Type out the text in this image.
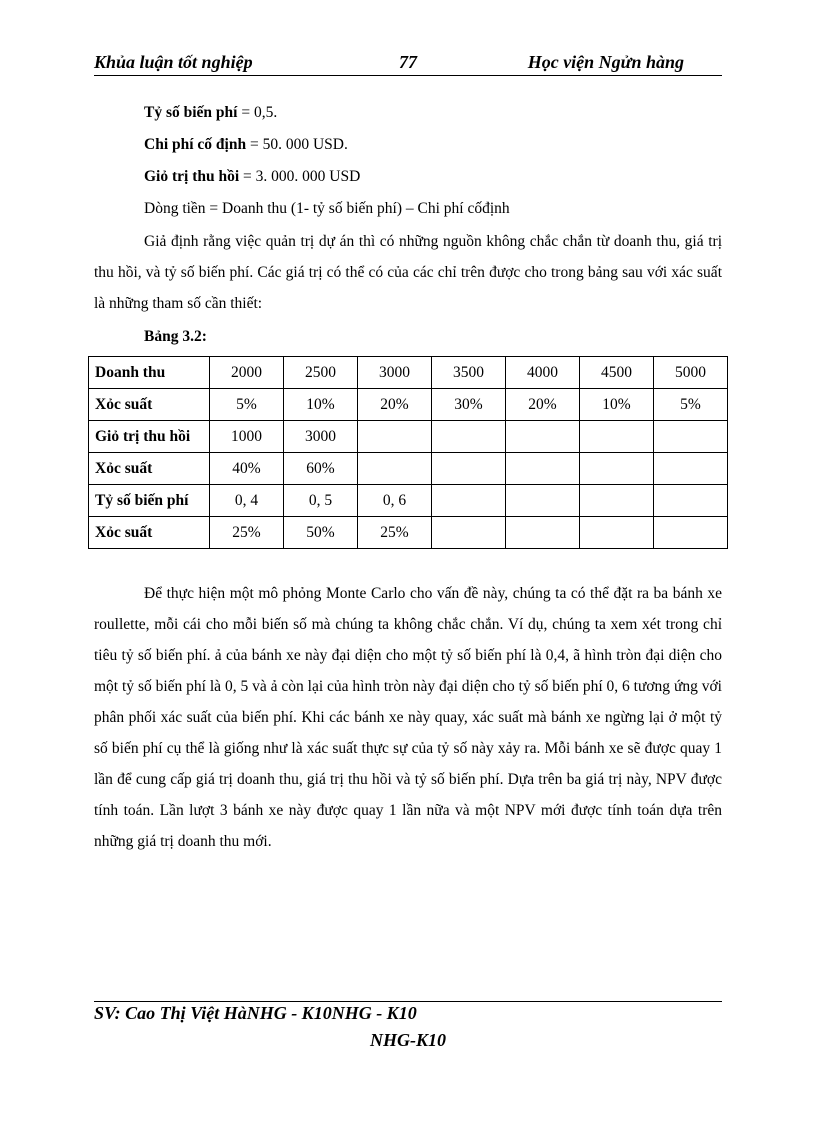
Khủa luận tốt nghiệp	77	Học viện Ngửn hàng
Tỷ số biến phí = 0,5.
Chi phí cố định = 50. 000 USD.
Giỏ trị thu hồi = 3. 000. 000 USD
Dòng tiền = Doanh thu (1- tỷ số biến phí) – Chi phí cốđịnh

Giả định rằng việc quản trị dự án thì có những nguồn không chắc chắn từ doanh thu, giá trị thu hồi, và tỷ số biến phí. Các giá trị có thể có của các chỉ trên được cho trong bảng sau với xác suất là những tham số cần thiết:

Bảng 3.2:
Doanh thu	2000	2500	3000	3500	4000	4500	5000
Xỏc suất	5%	10%	20%	30%	20%	10%	5%
Giỏ trị thu hồi	1000	3000					
Xỏc suất	40%	60%					
Tỷ số biến phí	0, 4	0, 5	0, 6				
Xỏc suất	25%	50%	25%				

Để thực hiện một mô phỏng Monte Carlo cho vấn đề này, chúng ta có thể đặt ra ba bánh xe roullette, mỗi cái cho mỗi biến số mà chúng ta không chắc chắn. Ví dụ, chúng ta xem xét trong chỉ tiêu tỷ số biến phí. ả của bánh xe này đại diện cho một tỷ số biến phí là 0,4, ã hình tròn đại diện cho một tỷ số biến phí là 0, 5 và ả còn lại của hình tròn này đại diện cho tỷ số biến phí 0, 6 tương ứng với phân phối xác suất của biến phí. Khi các bánh xe này quay, xác suất mà bánh xe ngừng lại ở một tỷ số biến phí cụ thể là giống như là xác suất thực sự của tỷ số này xảy ra. Mỗi bánh xe sẽ được quay 1 lần để cung cấp giá trị doanh thu, giá trị thu hồi và tỷ số biến phí. Dựa trên ba giá trị này, NPV được tính toán. Lần lượt 3 bánh xe này được quay 1 lần nữa và một NPV mới được tính toán dựa trên những giá trị doanh thu mới.

SV: Cao Thị Việt HàNHG - K10NHG - K10
NHG-K10
